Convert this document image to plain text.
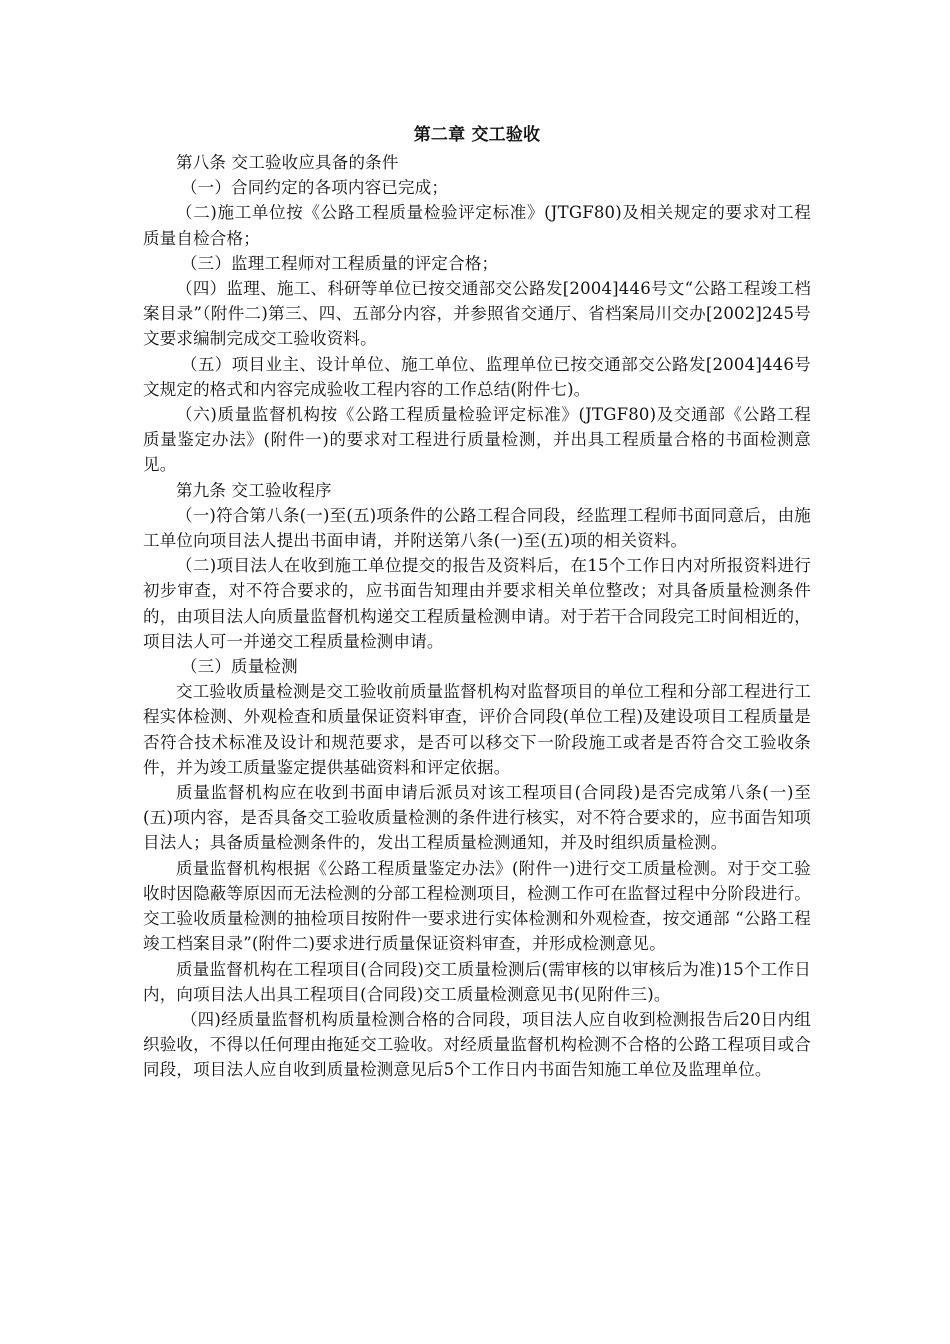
第二章 交工验收

第八条 交工验收应具备的条件

（一）合同约定的各项内容已完成；

（二)施工单位按《公路工程质量检验评定标准》(JTGF80)及相关规定的要求对工程质量自检合格；

（三）监理工程师对工程质量的评定合格；

（四）监理、施工、科研等单位已按交通部交公路发[2004]446号文“公路工程竣工档案目录”（附件二)第三、四、五部分内容，并参照省交通厅、省档案局川交办[2002]245号文要求编制完成交工验收资料。

（五）项目业主、设计单位、施工单位、监理单位已按交通部交公路发[2004]446号文规定的格式和内容完成验收工程内容的工作总结(附件七)。

（六)质量监督机构按《公路工程质量检验评定标准》(JTGF80)及交通部《公路工程质量鉴定办法》(附件一)的要求对工程进行质量检测，并出具工程质量合格的书面检测意见。

第九条 交工验收程序

（一)符合第八条(一)至(五)项条件的公路工程合同段，经监理工程师书面同意后，由施工单位向项目法人提出书面申请，并附送第八条(一)至(五)项的相关资料。

（二)项目法人在收到施工单位提交的报告及资料后，在15个工作日内对所报资料进行初步审查，对不符合要求的，应书面告知理由并要求相关单位整改；对具备质量检测条件的，由项目法人向质量监督机构递交工程质量检测申请。对于若干合同段完工时间相近的，项目法人可一并递交工程质量检测申请。

（三）质量检测

交工验收质量检测是交工验收前质量监督机构对监督项目的单位工程和分部工程进行工程实体检测、外观检查和质量保证资料审查，评价合同段(单位工程)及建设项目工程质量是否符合技术标准及设计和规范要求，是否可以移交下一阶段施工或者是否符合交工验收条件，并为竣工质量鉴定提供基础资料和评定依据。

质量监督机构应在收到书面申请后派员对该工程项目(合同段)是否完成第八条(一)至(五)项内容，是否具备交工验收质量检测的条件进行核实，对不符合要求的，应书面告知项目法人；具备质量检测条件的，发出工程质量检测通知，并及时组织质量检测。

质量监督机构根据《公路工程质量鉴定办法》(附件一)进行交工质量检测。对于交工验收时因隐蔽等原因而无法检测的分部工程检测项目，检测工作可在监督过程中分阶段进行。交工验收质量检测的抽检项目按附件一要求进行实体检测和外观检查，按交通部 “公路工程竣工档案目录”(附件二)要求进行质量保证资料审查，并形成检测意见。

质量监督机构在工程项目(合同段)交工质量检测后(需审核的以审核后为准)15个工作日内，向项目法人出具工程项目(合同段)交工质量检测意见书(见附件三)。

（四)经质量监督机构质量检测合格的合同段，项目法人应自收到检测报告后20日内组织验收，不得以任何理由拖延交工验收。对经质量监督机构检测不合格的公路工程项目或合同段，项目法人应自收到质量检测意见后5个工作日内书面告知施工单位及监理单位。
